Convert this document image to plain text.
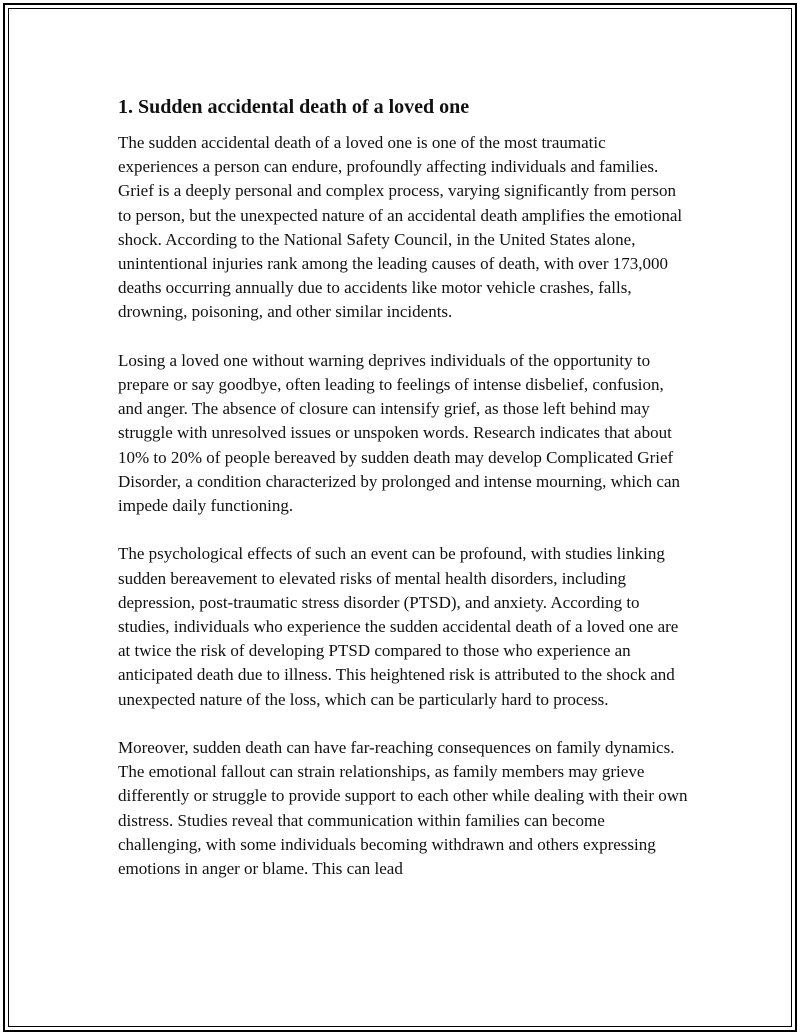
1. Sudden accidental death of a loved one

The sudden accidental death of a loved one is one of the most traumatic experiences a person can endure, profoundly affecting individuals and families. Grief is a deeply personal and complex process, varying significantly from person to person, but the unexpected nature of an accidental death amplifies the emotional shock. According to the National Safety Council, in the United States alone, unintentional injuries rank among the leading causes of death, with over 173,000 deaths occurring annually due to accidents like motor vehicle crashes, falls, drowning, poisoning, and other similar incidents.

Losing a loved one without warning deprives individuals of the opportunity to prepare or say goodbye, often leading to feelings of intense disbelief, confusion, and anger. The absence of closure can intensify grief, as those left behind may struggle with unresolved issues or unspoken words. Research indicates that about 10% to 20% of people bereaved by sudden death may develop Complicated Grief Disorder, a condition characterized by prolonged and intense mourning, which can impede daily functioning.

The psychological effects of such an event can be profound, with studies linking sudden bereavement to elevated risks of mental health disorders, including depression, post-traumatic stress disorder (PTSD), and anxiety. According to studies, individuals who experience the sudden accidental death of a loved one are at twice the risk of developing PTSD compared to those who experience an anticipated death due to illness. This heightened risk is attributed to the shock and unexpected nature of the loss, which can be particularly hard to process.

Moreover, sudden death can have far-reaching consequences on family dynamics. The emotional fallout can strain relationships, as family members may grieve differently or struggle to provide support to each other while dealing with their own distress. Studies reveal that communication within families can become challenging, with some individuals becoming withdrawn and others expressing emotions in anger or blame. This can lead
